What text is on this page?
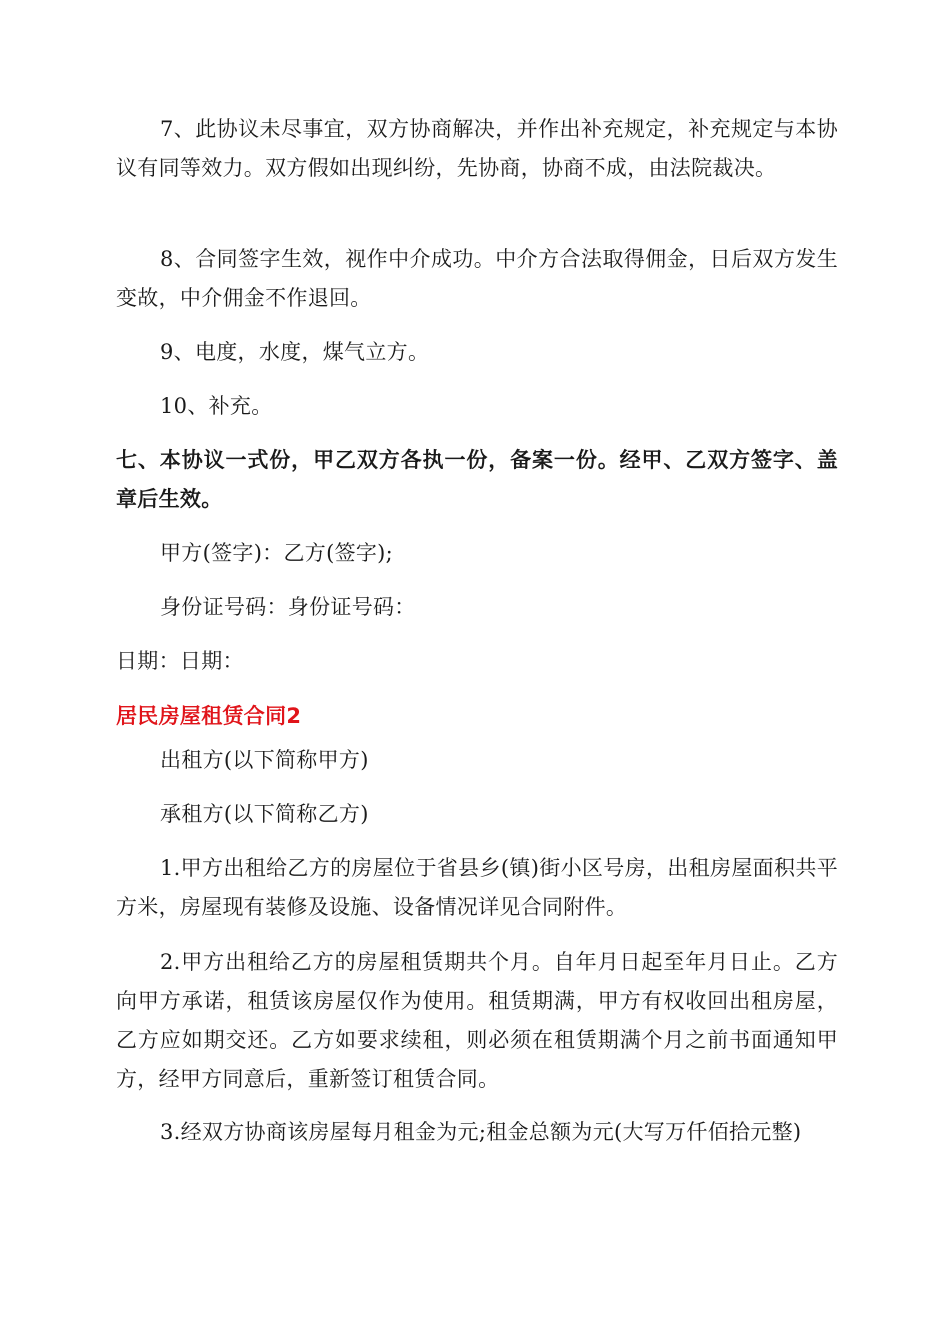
7、此协议未尽事宜，双方协商解决，并作出补充规定，补充规定与本协议有同等效力。双方假如出现纠纷，先协商，协商不成，由法院裁决。

8、合同签字生效，视作中介成功。中介方合法取得佣金，日后双方发生变故，中介佣金不作退回。

9、电度，水度，煤气立方。

10、补充。

七、本协议一式份，甲乙双方各执一份，备案一份。经甲、乙双方签字、盖章后生效。

甲方(签字)：乙方(签字);

身份证号码：身份证号码：

日期：日期：

居民房屋租赁合同2

出租方(以下简称甲方)

承租方(以下简称乙方)

1.甲方出租给乙方的房屋位于省县乡(镇)街小区号房，出租房屋面积共平方米，房屋现有装修及设施、设备情况详见合同附件。

2.甲方出租给乙方的房屋租赁期共个月。自年月日起至年月日止。乙方向甲方承诺，租赁该房屋仅作为使用。租赁期满，甲方有权收回出租房屋，乙方应如期交还。乙方如要求续租，则必须在租赁期满个月之前书面通知甲方，经甲方同意后，重新签订租赁合同。

3.经双方协商该房屋每月租金为元;租金总额为元(大写万仟佰拾元整)
